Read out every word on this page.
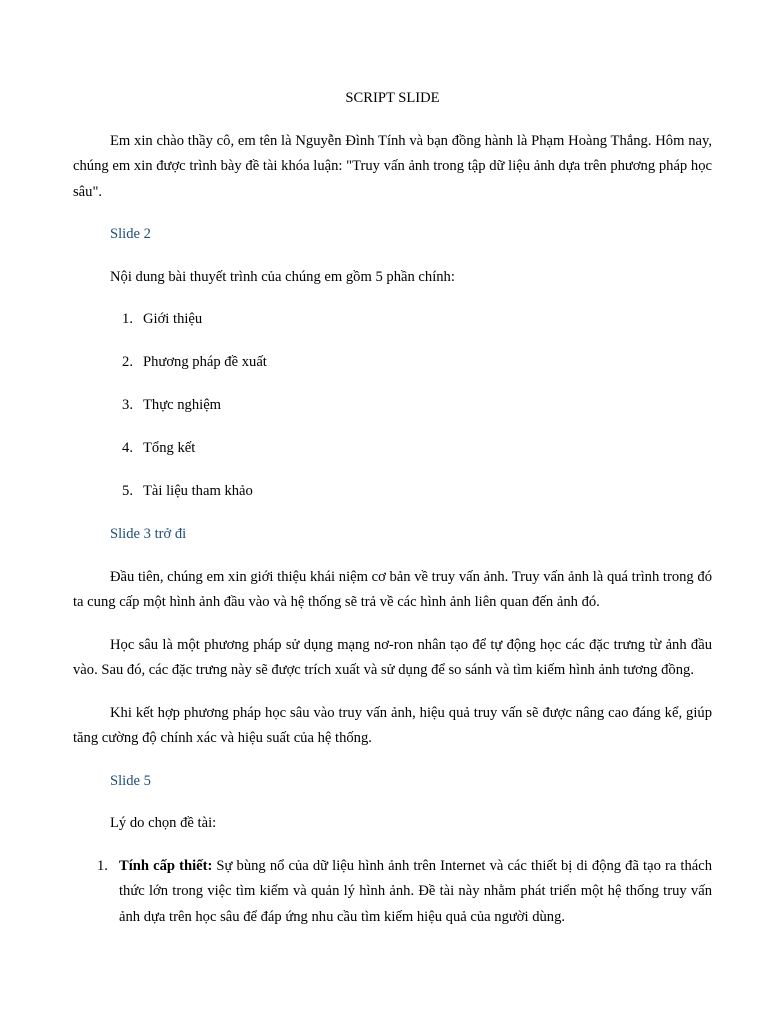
SCRIPT SLIDE

Em xin chào thầy cô, em tên là Nguyễn Đình Tính và bạn đồng hành là Phạm Hoàng Thắng. Hôm nay, chúng em xin được trình bày đề tài khóa luận: "Truy vấn ảnh trong tập dữ liệu ảnh dựa trên phương pháp học sâu".

Slide 2
Nội dung bài thuyết trình của chúng em gồm 5 phần chính:
1. Giới thiệu
2. Phương pháp đề xuất
3. Thực nghiệm
4. Tổng kết
5. Tài liệu tham khảo
Slide 3 trở đi

Đầu tiên, chúng em xin giới thiệu khái niệm cơ bản về truy vấn ảnh. Truy vấn ảnh là quá trình trong đó ta cung cấp một hình ảnh đầu vào và hệ thống sẽ trả về các hình ảnh liên quan đến ảnh đó.

Học sâu là một phương pháp sử dụng mạng nơ-ron nhân tạo để tự động học các đặc trưng từ ảnh đầu vào. Sau đó, các đặc trưng này sẽ được trích xuất và sử dụng để so sánh và tìm kiếm hình ảnh tương đồng.

Khi kết hợp phương pháp học sâu vào truy vấn ảnh, hiệu quả truy vấn sẽ được nâng cao đáng kể, giúp tăng cường độ chính xác và hiệu suất của hệ thống.

Slide 5
Lý do chọn đề tài:
1. Tính cấp thiết: Sự bùng nổ của dữ liệu hình ảnh trên Internet và các thiết bị di động đã tạo ra thách thức lớn trong việc tìm kiếm và quản lý hình ảnh. Đề tài này nhằm phát triển một hệ thống truy vấn ảnh dựa trên học sâu để đáp ứng nhu cầu tìm kiếm hiệu quả của người dùng.
